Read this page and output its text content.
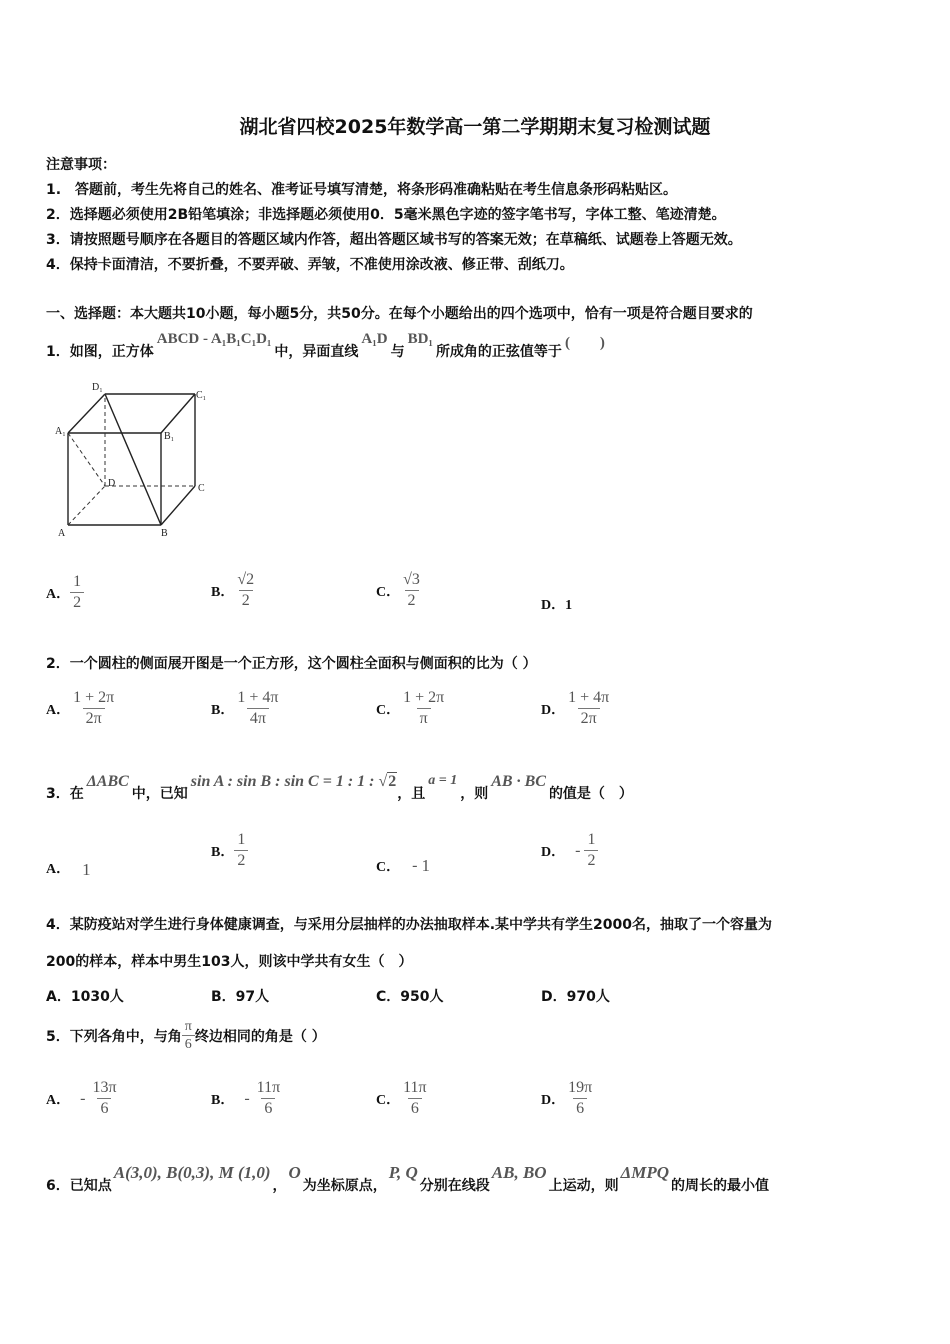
湖北省四校2025年数学高一第二学期期末复习检测试题
注意事项：
1.　答题前，考生先将自己的姓名、准考证号填写清楚，将条形码准确粘贴在考生信息条形码粘贴区。
2．选择题必须使用2B铅笔填涂；非选择题必须使用0．5毫米黑色字迹的签字笔书写，字体工整、笔迹清楚。
3．请按照题号顺序在各题目的答题区域内作答，超出答题区域书写的答案无效；在草稿纸、试题卷上答题无效。
4．保持卡面清洁，不要折叠，不要弄破、弄皱，不准使用涂改液、修正带、刮纸刀。
一、选择题：本大题共10小题，每小题5分，共50分。在每个小题给出的四个选项中，恰有一项是符合题目要求的
1． 如图，正方体
ABCD - A₁B₁C₁D₁
中，异面直线
A₁D
与
BD₁
所成角的正弦值等于
(　　)
A	B
C
D
A₁	B₁
C₁
D₁
A． $\frac{1}{2}$	B． $\frac{√2}{2}$	C． $\frac{√3}{2}$	D．1
2．一个圆柱的侧面展开图是一个正方形，这个圆柱全面积与侧面积的比为（ ）
A． $\frac{1 + 2\pi}{2\pi}$	B． $\frac{1 + 4\pi}{4\pi}$	C． $\frac{1 + 2\pi}{\pi}$	D． $\frac{1 + 4\pi}{2\pi}$
3． 在
ΔABC
中，已知
sin A : sin B : sin C = 1 : 1 : √2
，且
a = 1
，则
AB · BC
的值是（　）
A． 1
B． $\frac{1}{2}$	C． - 1
D． - $\frac{1}{2}$
4．某防疫站对学生进行身体健康调查，与采用分层抽样的办法抽取样本.某中学共有学生2000名，抽取了一个容量为
200的样本，样本中男生103人，则该中学共有女生（　）
A．1030人	B．97人	C．950人	D．970人
5．下列各角中，与角 $\frac{\pi}{6}$ 终边相同的角是（ ）
A． - $\frac{13\pi}{6}$	B． - $\frac{11\pi}{6}$	C． $\frac{11\pi}{6}$	D． $\frac{19\pi}{6}$
6．已知点
A(3,0), B(0,3), M (1,0)
，
O
为坐标原点，
P, Q
分别在线段
AB, BO
上运动，则
ΔMPQ
的周长的最小值
